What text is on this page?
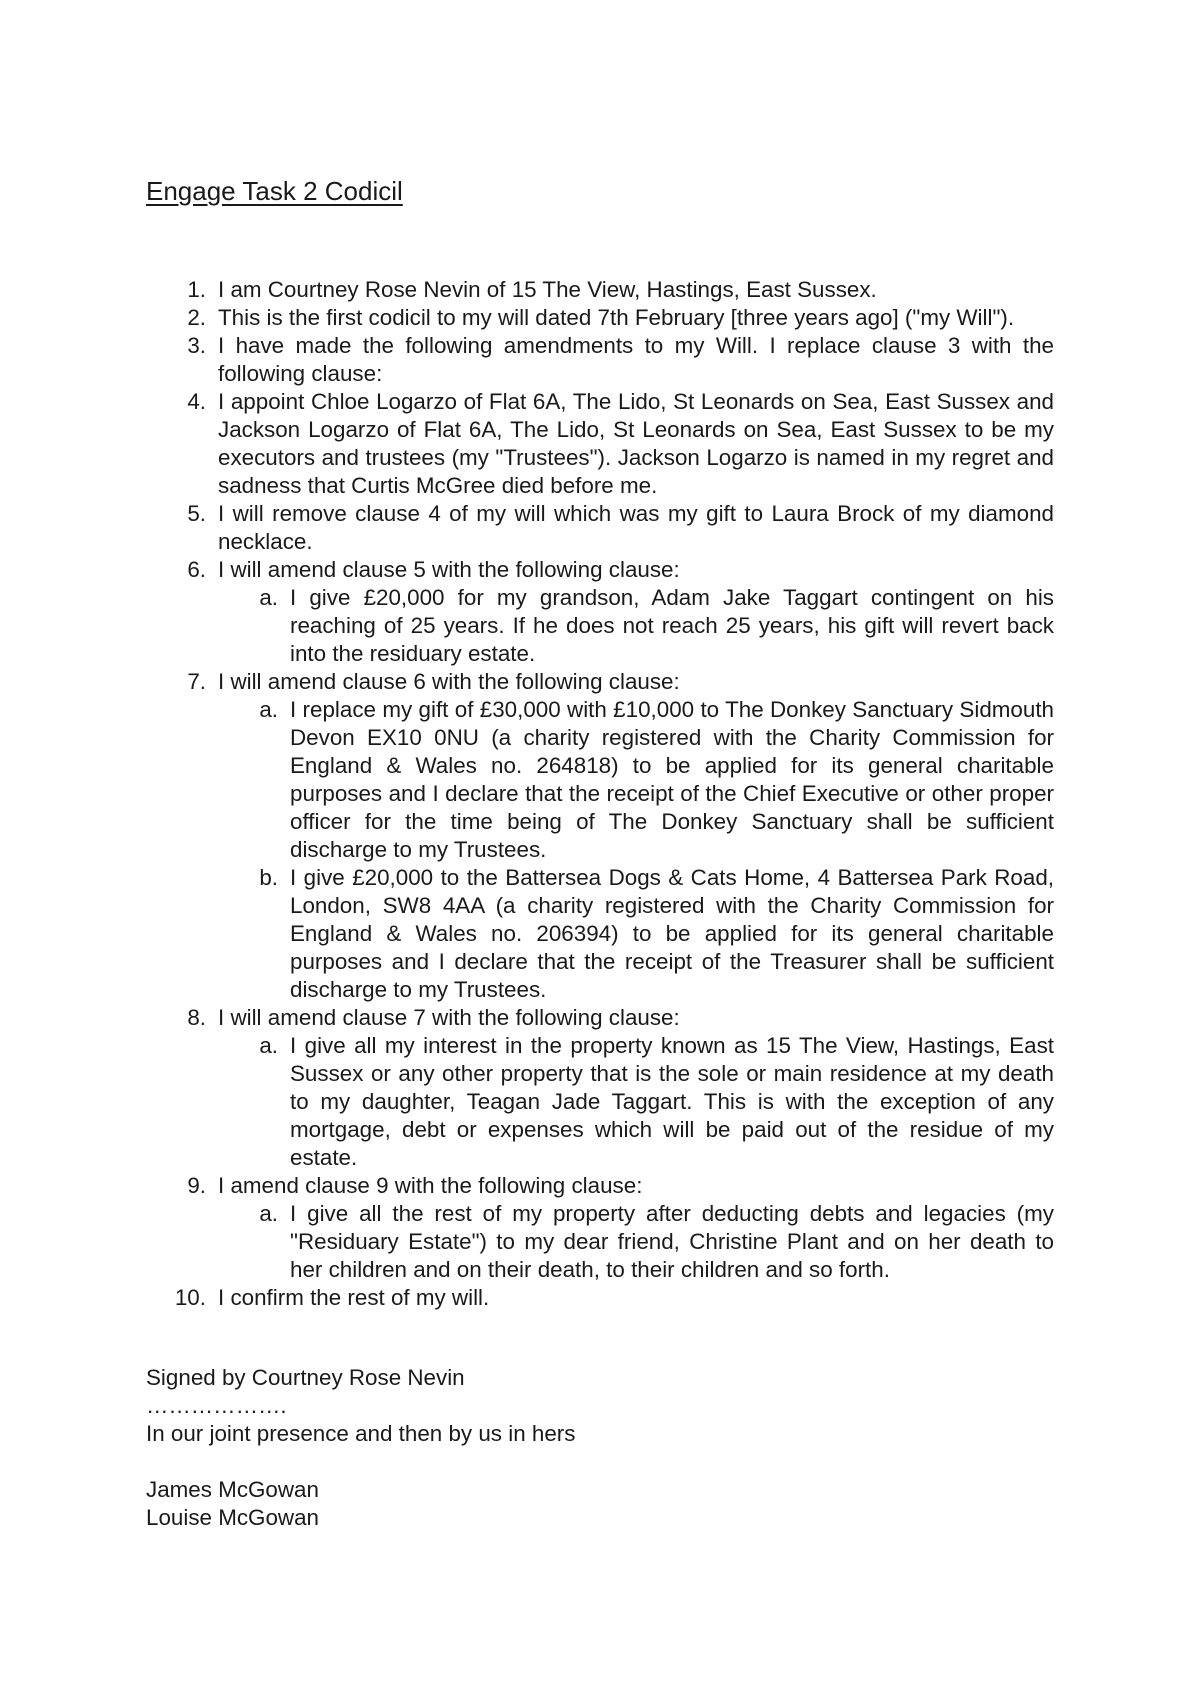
Engage Task 2 Codicil
1. I am Courtney Rose Nevin of 15 The View, Hastings, East Sussex.
2. This is the first codicil to my will dated 7th February [three years ago] ("my Will").
3. I have made the following amendments to my Will. I replace clause 3 with the following clause:
4. I appoint Chloe Logarzo of Flat 6A, The Lido, St Leonards on Sea, East Sussex and Jackson Logarzo of Flat 6A, The Lido, St Leonards on Sea, East Sussex to be my executors and trustees (my "Trustees"). Jackson Logarzo is named in my regret and sadness that Curtis McGree died before me.
5. I will remove clause 4 of my will which was my gift to Laura Brock of my diamond necklace.
6. I will amend clause 5 with the following clause:
a. I give £20,000 for my grandson, Adam Jake Taggart contingent on his reaching of 25 years. If he does not reach 25 years, his gift will revert back into the residuary estate.
7. I will amend clause 6 with the following clause:
a. I replace my gift of £30,000 with £10,000 to The Donkey Sanctuary Sidmouth Devon EX10 0NU (a charity registered with the Charity Commission for England & Wales no. 264818) to be applied for its general charitable purposes and I declare that the receipt of the Chief Executive or other proper officer for the time being of The Donkey Sanctuary shall be sufficient discharge to my Trustees.
b. I give £20,000 to the Battersea Dogs & Cats Home, 4 Battersea Park Road, London, SW8 4AA (a charity registered with the Charity Commission for England & Wales no. 206394) to be applied for its general charitable purposes and I declare that the receipt of the Treasurer shall be sufficient discharge to my Trustees.
8. I will amend clause 7 with the following clause:
a. I give all my interest in the property known as 15 The View, Hastings, East Sussex or any other property that is the sole or main residence at my death to my daughter, Teagan Jade Taggart. This is with the exception of any mortgage, debt or expenses which will be paid out of the residue of my estate.
9. I amend clause 9 with the following clause:
a. I give all the rest of my property after deducting debts and legacies (my "Residuary Estate") to my dear friend, Christine Plant and on her death to her children and on their death, to their children and so forth.
10. I confirm the rest of my will.

Signed by Courtney Rose Nevin

……………….

In our joint presence and then by us in hers

James McGowan

Louise McGowan
